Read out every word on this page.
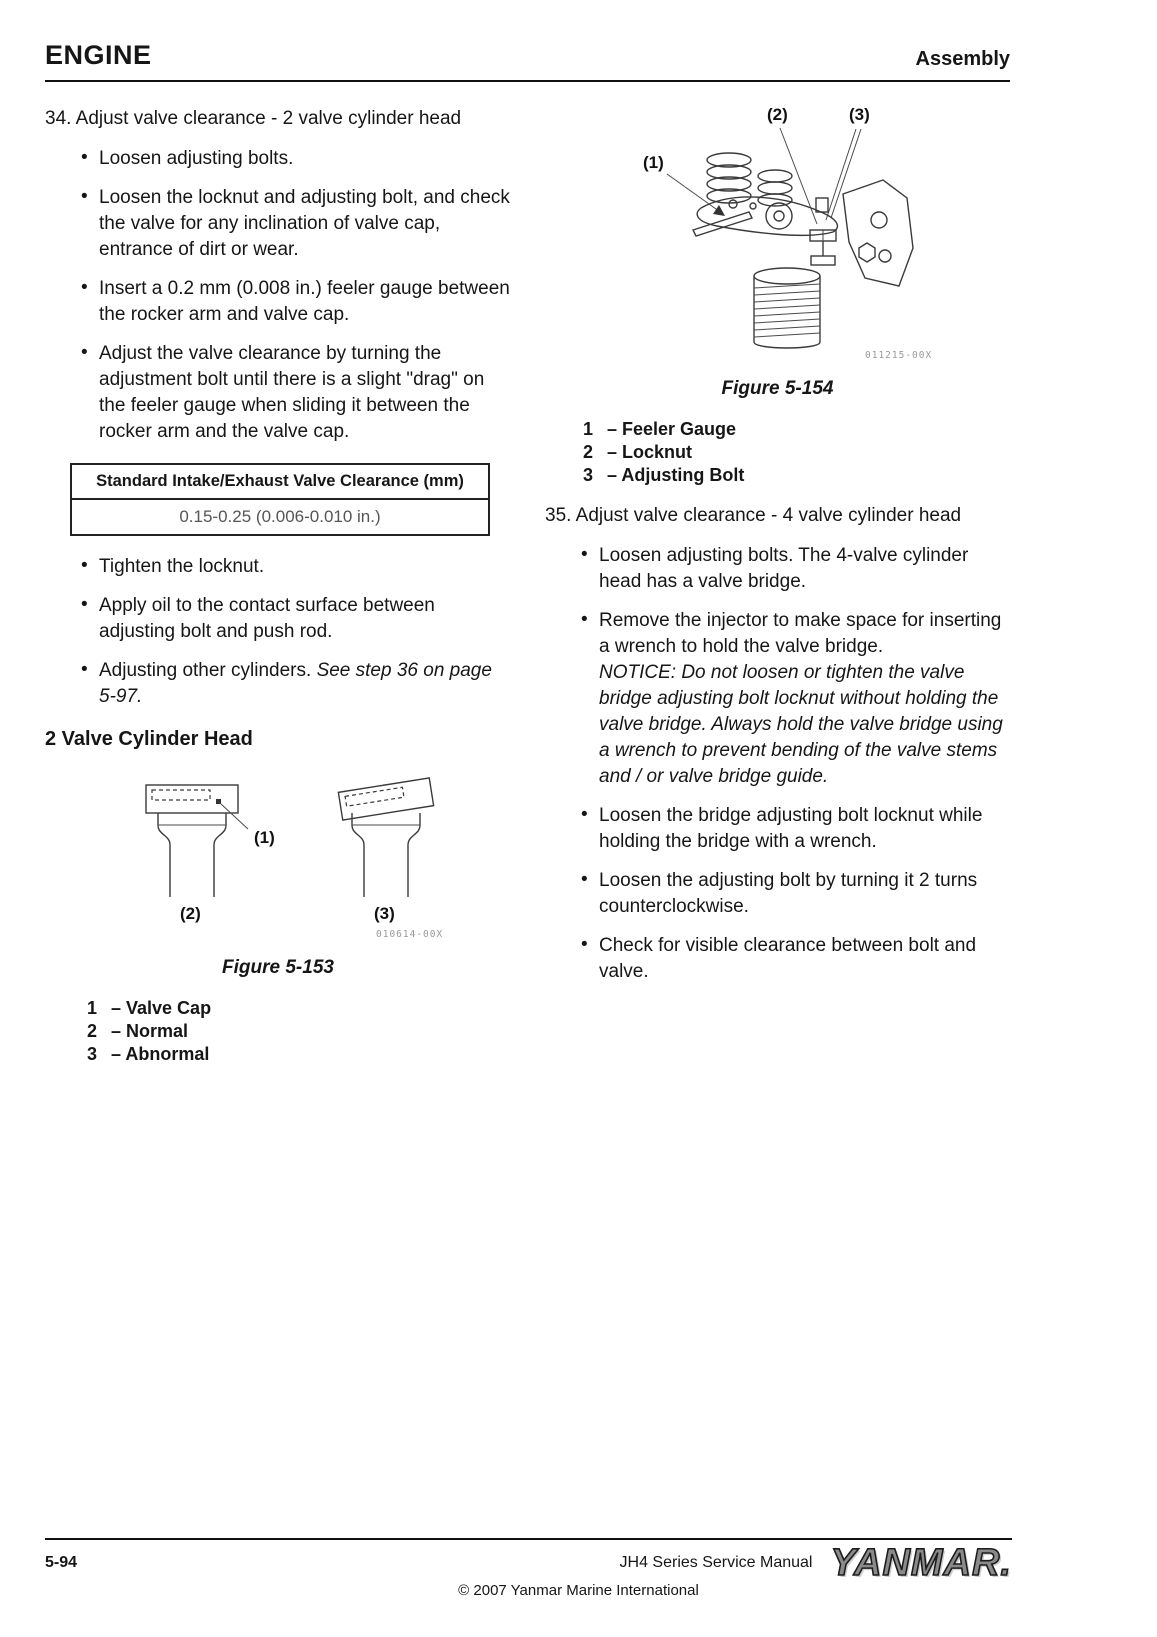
ENGINE	Assembly
34. Adjust valve clearance - 2 valve cylinder head
• Loosen adjusting bolts.
• Loosen the locknut and adjusting bolt, and check the valve for any inclination of valve cap, entrance of dirt or wear.
• Insert a 0.2 mm (0.008 in.) feeler gauge between the rocker arm and valve cap.
• Adjust the valve clearance by turning the adjustment bolt until there is a slight "drag" on the feeler gauge when sliding it between the rocker arm and the valve cap.
Standard Intake/Exhaust Valve Clearance (mm)
0.15-0.25 (0.006-0.010 in.)
• Tighten the locknut.
• Apply oil to the contact surface between adjusting bolt and push rod.
• Adjusting other cylinders. See step 36 on page 5-97.
2 Valve Cylinder Head
(1)
(2)	(3)
010614-00X
Figure 5-153
1 – Valve Cap
2 – Normal
3 – Abnormal
(2)	(3)
(1)
011215-00X
Figure 5-154
1 – Feeler Gauge
2 – Locknut
3 – Adjusting Bolt
35. Adjust valve clearance - 4 valve cylinder head
• Loosen adjusting bolts. The 4-valve cylinder head has a valve bridge.
• Remove the injector to make space for inserting a wrench to hold the valve bridge.
NOTICE: Do not loosen or tighten the valve bridge adjusting bolt locknut without holding the valve bridge. Always hold the valve bridge using a wrench to prevent bending of the valve stems and / or valve bridge guide.
• Loosen the bridge adjusting bolt locknut while holding the bridge with a wrench.
• Loosen the adjusting bolt by turning it 2 turns counterclockwise.
• Check for visible clearance between bolt and valve.
5-94	JH4 Series Service Manual YANMAR.
© 2007 Yanmar Marine International
